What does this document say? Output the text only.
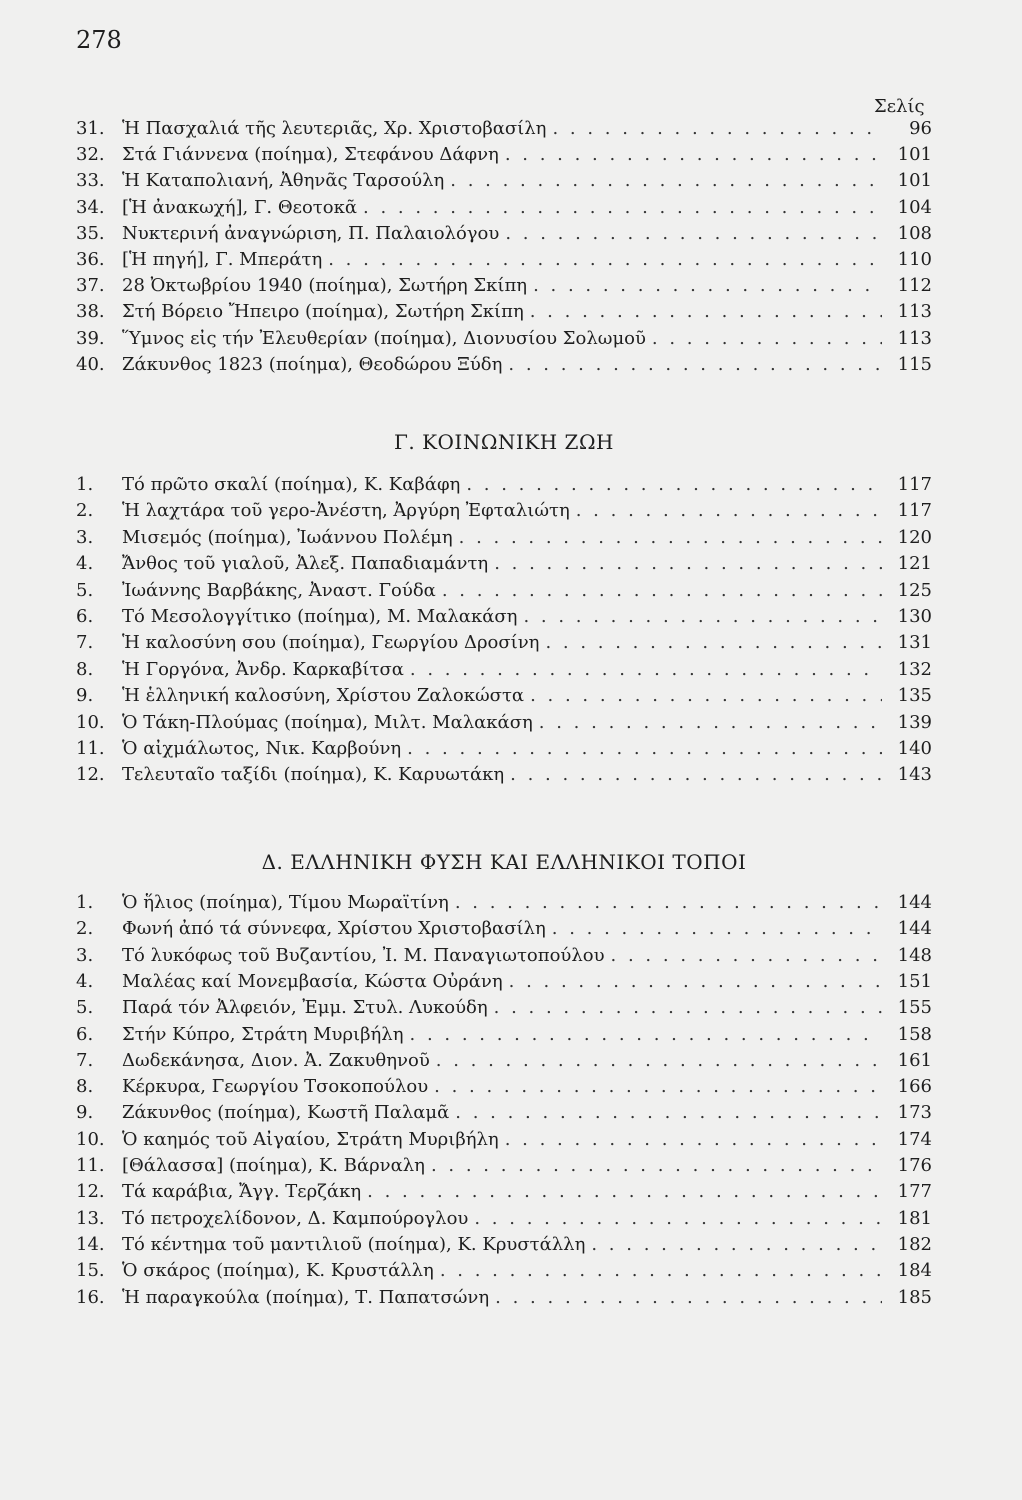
278
Σελίς
31. Ἡ Πασχαλιά τῆς λευτεριᾶς, Χρ. Χριστοβασίλη . . .	96
32. Στά Γιάννενα (ποίημα), Στεφάνου Δάφνη . . .	101
33. Ἡ Καταπολιανή, Ἀθηνᾶς Ταρσούλη . . .	101
34. [Ἡ ἀνακωχή], Γ. Θεοτοκᾶ . . .	104
35. Νυκτερινή ἀναγνώριση, Π. Παλαιολόγου . . .	108
36. [Ἡ πηγή], Γ. Μπεράτη . . .	110
37. 28 Ὀκτωβρίου 1940 (ποίημα), Σωτήρη Σκίπη . . .	112
38. Στή Βόρειο Ἤπειρο (ποίημα), Σωτήρη Σκίπη . . .	113
39. Ὕμνος εἰς τήν Ἐλευθερίαν (ποίημα), Διονυσίου Σολωμοῦ . . .	113
40. Ζάκυνθος 1823 (ποίημα), Θεοδώρου Ξύδη . . .	115
Γ. ΚΟΙΝΩΝΙΚΗ ΖΩΗ
1.	Τό πρῶτο σκαλί (ποίημα), Κ. Καβάφη . . .	117
2.	Ἡ λαχτάρα τοῦ γερο-Ἀνέστη, Ἀργύρη Ἐφταλιώτη . . .	117
3.	Μισεμός (ποίημα), Ἰωάννου Πολέμη . . .	120
4.	Ἄνθος τοῦ γιαλοῦ, Ἀλεξ. Παπαδιαμάντη . . .	121
5.	Ἰωάννης Βαρβάκης, Ἀναστ. Γούδα . . .	125
6.	Τό Μεσολογγίτικο (ποίημα), Μ. Μαλακάση . . .	130
7.	Ἡ καλοσύνη σου (ποίημα), Γεωργίου Δροσίνη . . .	131
8.	Ἡ Γοργόνα, Ἀνδρ. Καρκαβίτσα . . .	132
9.	Ἡ ἑλληνική καλοσύνη, Χρίστου Ζαλοκώστα . . .	135
10. Ὁ Τάκη-Πλούμας (ποίημα), Μιλτ. Μαλακάση . . .	139
11. Ὁ αἰχμάλωτος, Νικ. Καρβούνη . . .	140
12. Τελευταῖο ταξίδι (ποίημα), Κ. Καρυωτάκη . . .	143
Δ. ΕΛΛΗΝΙΚΗ ΦΥΣΗ ΚΑΙ ΕΛΛΗΝΙΚΟΙ ΤΟΠΟΙ
1.	Ὁ ἥλιος (ποίημα), Τίμου Μωραϊτίνη . . .	144
2.	Φωνή ἀπό τά σύννεφα, Χρίστου Χριστοβασίλη . . .	144
3.	Τό λυκόφως τοῦ Βυζαντίου, Ἰ. Μ. Παναγιωτοπούλου . . .	148
4.	Μαλέας καί Μονεμβασία, Κώστα Οὐράνη . . .	151
5.	Παρά τόν Ἀλφειόν, Ἐμμ. Στυλ. Λυκούδη . . .	155
6.	Στήν Κύπρο, Στράτη Μυριβήλη . . .	158
7.	Δωδεκάνησα, Διον. Ἀ. Ζακυθηνοῦ . . .	161
8.	Κέρκυρα, Γεωργίου Τσοκοπούλου . . .	166
9.	Ζάκυνθος (ποίημα), Κωστῆ Παλαμᾶ . . .	173
10. Ὁ καημός τοῦ Αἰγαίου, Στράτη Μυριβήλη . . .	174
11. [Θάλασσα] (ποίημα), Κ. Βάρναλη . . .	176
12. Τά καράβια, Ἄγγ. Τερζάκη . . .	177
13. Τό πετροχελίδονον, Δ. Καμπούρογλου . . .	181
14. Τό κέντημα τοῦ μαντιλιοῦ (ποίημα), Κ. Κρυστάλλη . . .	182
15. Ὁ σκάρος (ποίημα), Κ. Κρυστάλλη . . .	184
16. Ἡ παραγκούλα (ποίημα), Τ. Παπατσώνη . . .	185
